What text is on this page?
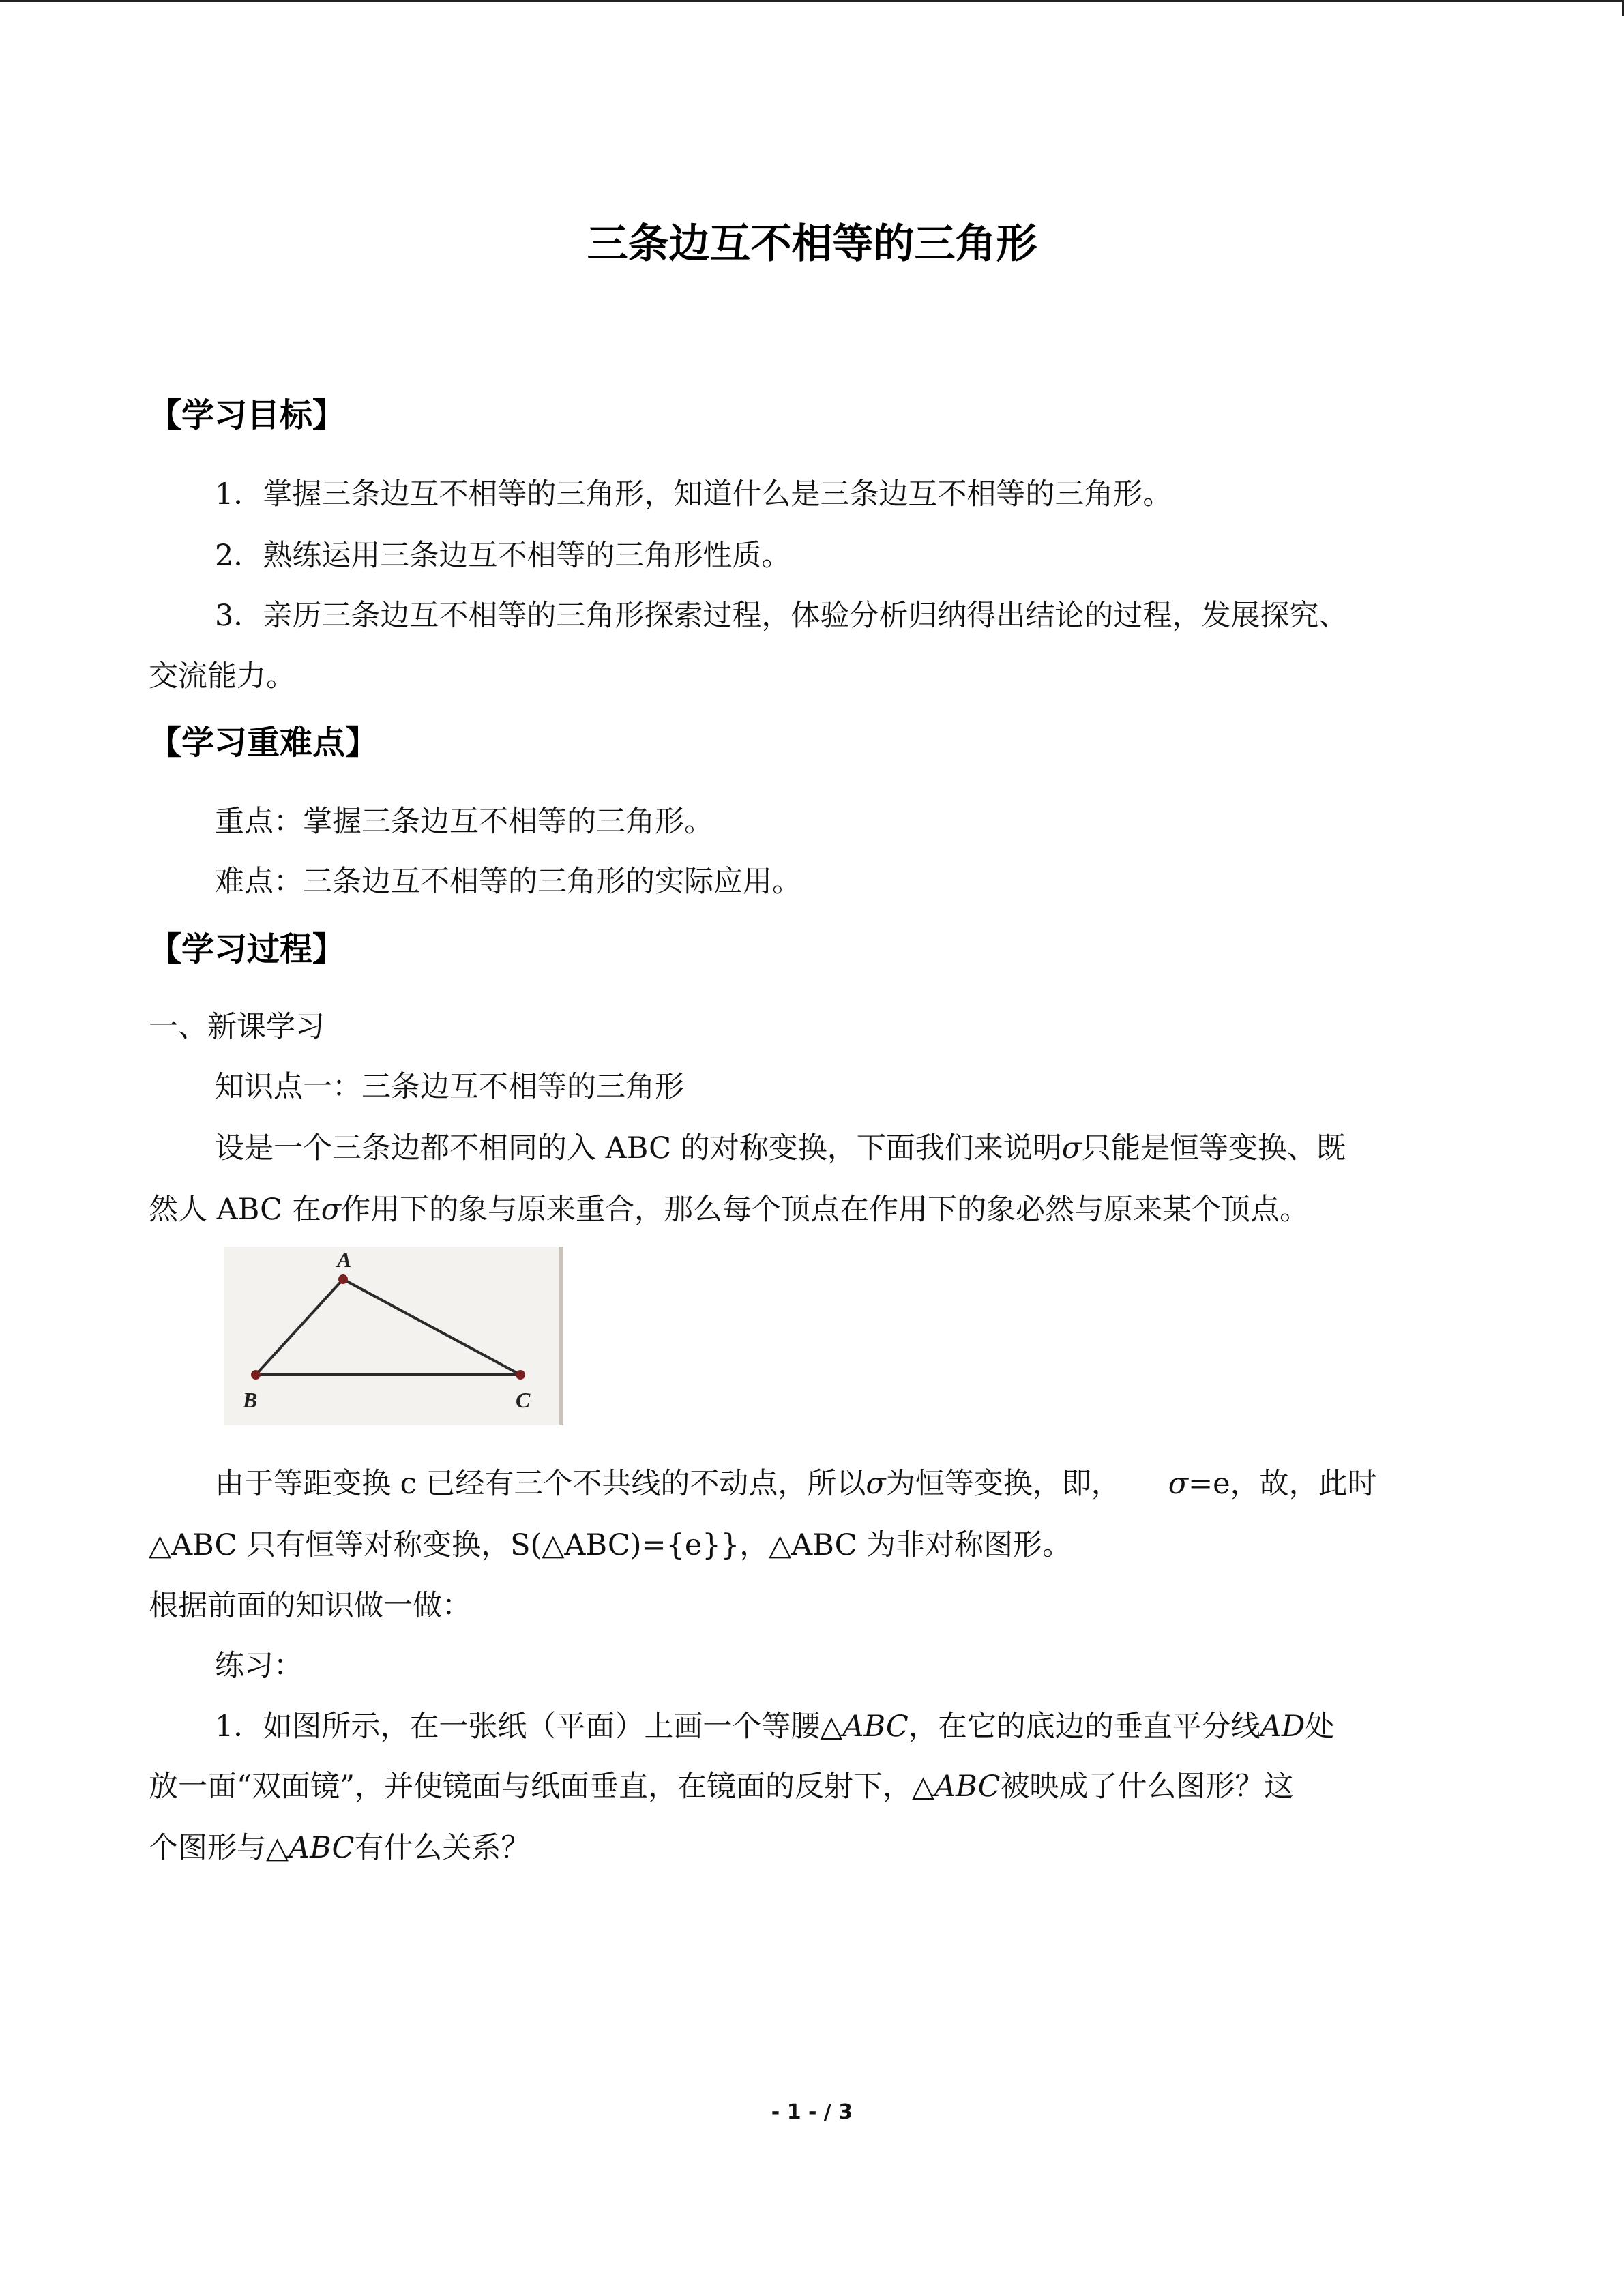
三条边互不相等的三角形
【学习目标】
1．掌握三条边互不相等的三角形，知道什么是三条边互不相等的三角形。
2．熟练运用三条边互不相等的三角形性质。
3．亲历三条边互不相等的三角形探索过程，体验分析归纳得出结论的过程，发展探究、
交流能力。
【学习重难点】
重点：掌握三条边互不相等的三角形。
难点：三条边互不相等的三角形的实际应用。
【学习过程】
一、新课学习
知识点一：三条边互不相等的三角形
设是一个三条边都不相同的入 ABC 的对称变换，下面我们来说明σ只能是恒等变换、既
然人 ABC 在σ作用下的象与原来重合，那么每个顶点在作用下的象必然与原来某个顶点。
A
B	C
由于等距变换 c 已经有三个不共线的不动点，所以σ为恒等变换，即， σ=e，故，此时
△ABC 只有恒等对称变换，S(△ABC)={e}}，△ABC 为非对称图形。
根据前面的知识做一做：
练习：
1．如图所示，在一张纸（平面）上画一个等腰△ABC，在它的底边的垂直平分线AD处
放一面“双面镜”，并使镜面与纸面垂直，在镜面的反射下，△ABC被映成了什么图形？这
个图形与△ABC有什么关系？
- 1 - / 3
